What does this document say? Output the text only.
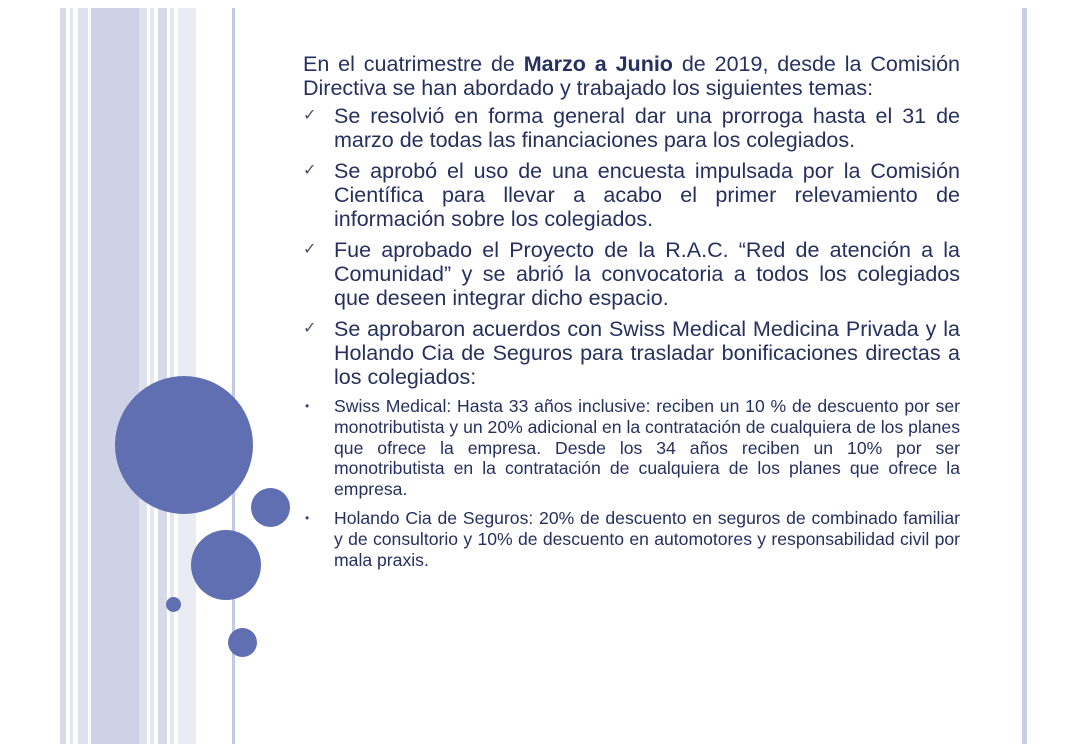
En el cuatrimestre de Marzo a Junio de 2019, desde la Comisión Directiva se han abordado y trabajado los siguientes temas:

✓ Se resolvió en forma general dar una prorroga hasta el 31 de marzo de todas las financiaciones para los colegiados.
✓ Se aprobó el uso de una encuesta impulsada por la Comisión Científica para llevar a acabo el primer relevamiento de información sobre los colegiados.
✓ Fue aprobado el Proyecto de la R.A.C. “Red de atención a la Comunidad” y se abrió la convocatoria a todos los colegiados que deseen integrar dicho espacio.
✓ Se aprobaron acuerdos con Swiss Medical Medicina Privada y la Holando Cia de Seguros para trasladar bonificaciones directas a los colegiados:
• Swiss Medical: Hasta 33 años inclusive: reciben un 10 % de descuento por ser monotributista y un 20% adicional en la contratación de cualquiera de los planes que ofrece la empresa. Desde los 34 años reciben un 10% por ser monotributista en la contratación de cualquiera de los planes que ofrece la empresa.
• Holando Cia de Seguros: 20% de descuento en seguros de combinado familiar y de consultorio y 10% de descuento en automotores y responsabilidad civil por mala praxis.
